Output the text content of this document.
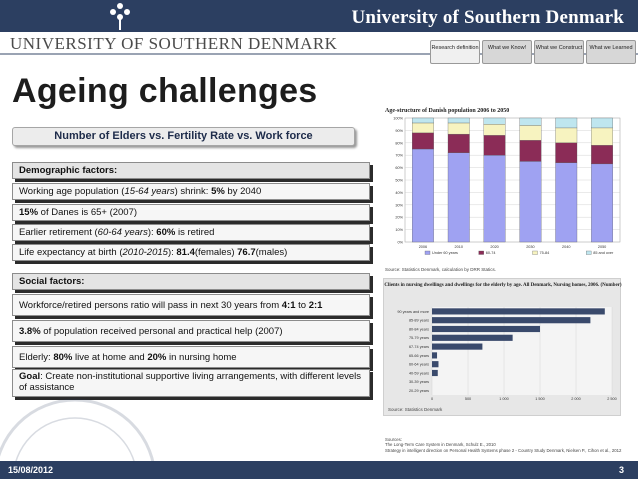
University of Southern Denmark
UNIVERSITY OF SOUTHERN DENMARK	Research definition	What we Know!	What we Construct	What we Learned
Ageing challenges
Number of Elders vs. Fertility Rate vs. Work force
Demographic factors:
Working age population (15-64 years) shrink: 5% by 2040
15% of Danes is 65+ (2007)
Earlier retirement (60-64 years): 60% is retired
Life expectancy at birth (2010-2015): 81.4(females) 76.7(males)
Social factors:
Workforce/retired persons ratio will pass in next 30 years from 4:1 to 2:1
3.8% of population received personal and practical help (2007)
Elderly: 80% live at home and 20% in nursing home
Goal: Create non-institutional supportive living arrangements, with different levels of assistance
Age-structure of Danish population 2006 to 2050
0%
10%
20%
30%
40%
50%
60%
70%
80%
90%
100%
2006	2010	2020	2030	2040	2050
Under 60 years	60-74	75-84	85 and over
Source: Statistics Denmark, calculation by DRR Statics.
Clients in nursing dwellings and dwellings for the elderly by age. All Denmark, Nursing homes, 2006. (Number)
0	500	1 000	1 500	2 000	2 500
90 years and more
85-89 years
80-84 years
75-79 years
67-74 years
65-66 years
60-64 years
40-59 years
30-39 years
20-29 years
Source: Statistics Denmark
Sources:
The Long-Term Care System in Denmark, Schulz E., 2010
Strategy in intelligent direction on Personal Health Systems phase 2 - Country Study Denmark, Nielsen P., Cihon et al., 2012
15/08/2012	3
